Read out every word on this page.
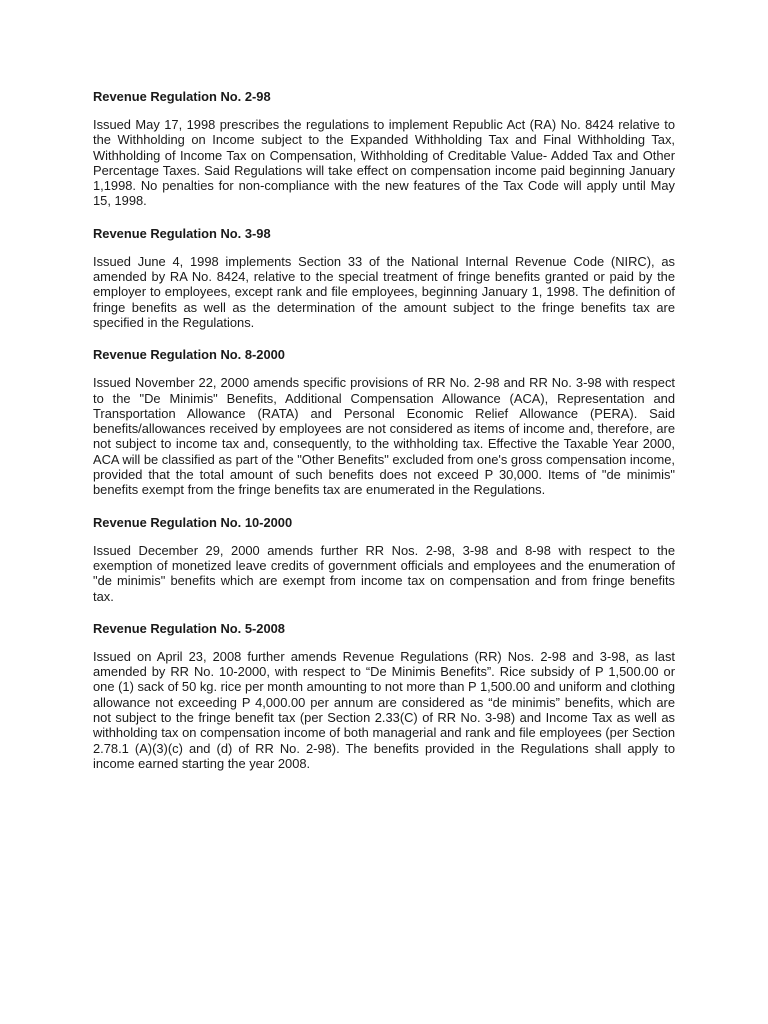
Revenue Regulation No. 2-98
Issued May 17, 1998 prescribes the regulations to implement Republic Act (RA) No. 8424 relative to the Withholding on Income subject to the Expanded Withholding Tax and Final Withholding Tax, Withholding of Income Tax on Compensation, Withholding of Creditable Value- Added Tax and Other Percentage Taxes. Said Regulations will take effect on compensation income paid beginning January 1,1998. No penalties for non-compliance with the new features of the Tax Code will apply until May 15, 1998.
Revenue Regulation No. 3-98
Issued June 4, 1998 implements Section 33 of the National Internal Revenue Code (NIRC), as amended by RA No. 8424, relative to the special treatment of fringe benefits granted or paid by the employer to employees, except rank and file employees, beginning January 1, 1998. The definition of fringe benefits as well as the determination of the amount subject to the fringe benefits tax are specified in the Regulations.
Revenue Regulation No. 8-2000
Issued November 22, 2000 amends specific provisions of RR No. 2-98 and RR No. 3-98 with respect to the "De Minimis" Benefits, Additional Compensation Allowance (ACA), Representation and Transportation Allowance (RATA) and Personal Economic Relief Allowance (PERA). Said benefits/allowances received by employees are not considered as items of income and, therefore, are not subject to income tax and, consequently, to the withholding tax. Effective the Taxable Year 2000, ACA will be classified as part of the "Other Benefits" excluded from one's gross compensation income, provided that the total amount of such benefits does not exceed P 30,000. Items of "de minimis" benefits exempt from the fringe benefits tax are enumerated in the Regulations.
Revenue Regulation No. 10-2000
Issued December 29, 2000 amends further RR Nos. 2-98, 3-98 and 8-98 with respect to the exemption of monetized leave credits of government officials and employees and the enumeration of "de minimis" benefits which are exempt from income tax on compensation and from fringe benefits tax.
Revenue Regulation No. 5-2008
Issued on April 23, 2008 further amends Revenue Regulations (RR) Nos. 2-98 and 3-98, as last amended by RR No. 10-2000, with respect to “De Minimis Benefits”. Rice subsidy of P 1,500.00 or one (1) sack of 50 kg. rice per month amounting to not more than P 1,500.00 and uniform and clothing allowance not exceeding P 4,000.00 per annum are considered as “de minimis” benefits, which are not subject to the fringe benefit tax (per Section 2.33(C) of RR No. 3-98) and Income Tax as well as withholding tax on compensation income of both managerial and rank and file employees (per Section 2.78.1 (A)(3)(c) and (d) of RR No. 2-98). The benefits provided in the Regulations shall apply to income earned starting the year 2008.
